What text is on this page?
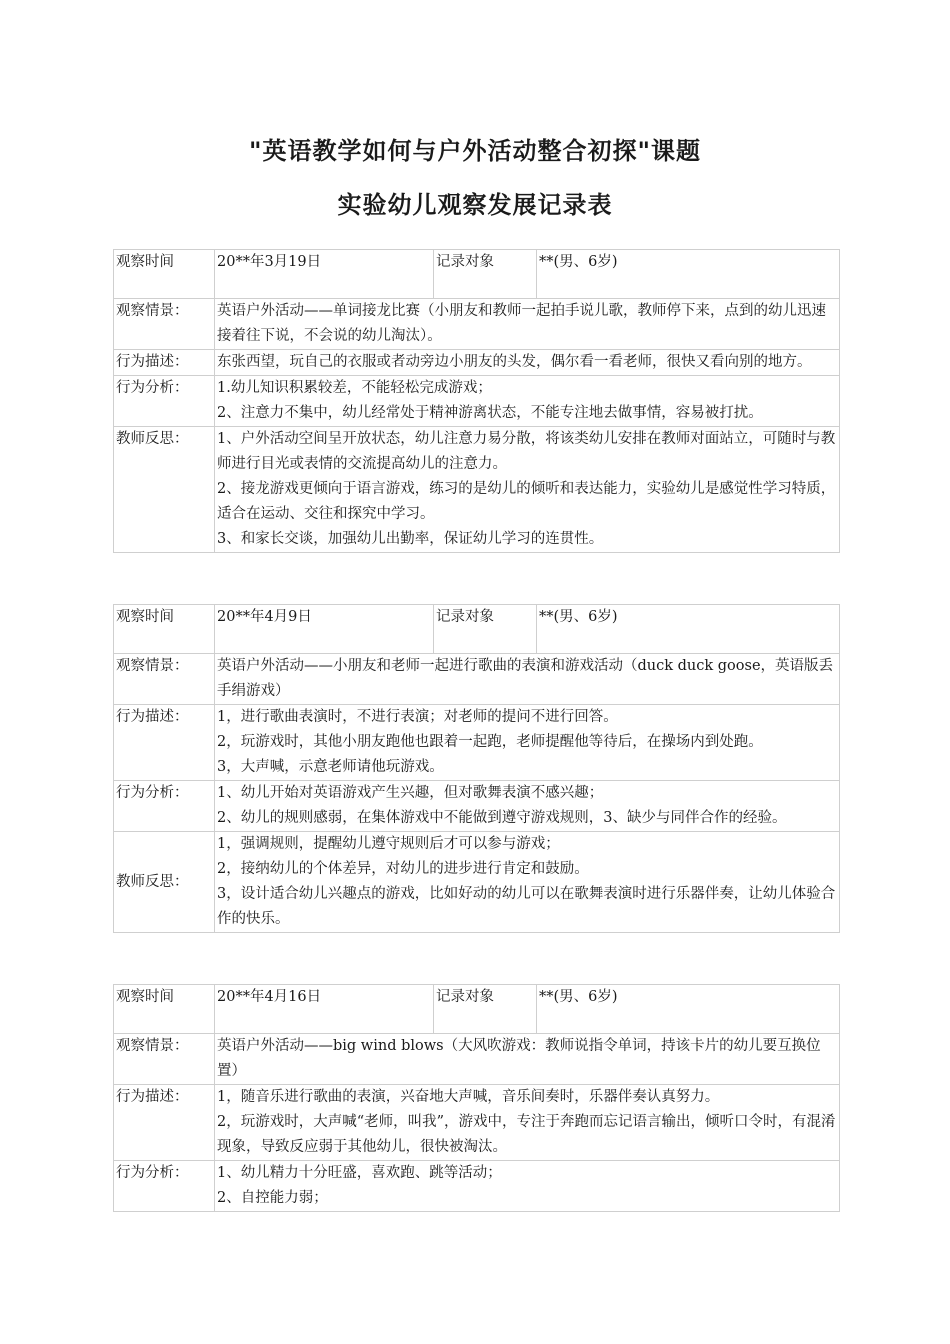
"英语教学如何与户外活动整合初探"课题
实验幼儿观察发展记录表
观察时间	20**年3月19日	记录对象	**(男、6岁)

观察情景：	英语户外活动——单词接龙比赛（小朋友和教师一起拍手说儿歌，教师停下来，点到的幼儿迅速接着往下说，不会说的幼儿淘汰）。		

行为描述：	东张西望，玩自己的衣服或者动旁边小朋友的头发，偶尔看一看老师，很快又看向别的地方。		

行为分析：	1.幼儿知识积累较差，不能轻松完成游戏；
2、注意力不集中，幼儿经常处于精神游离状态，不能专注地去做事情，容易被打扰。		

教师反思：	1、户外活动空间呈开放状态，幼儿注意力易分散，将该类幼儿安排在教师对面站立，可随时与教师进行目光或表情的交流提高幼儿的注意力。
2、接龙游戏更倾向于语言游戏，练习的是幼儿的倾听和表达能力，实验幼儿是感觉性学习特质，适合在运动、交往和探究中学习。
3、和家长交谈，加强幼儿出勤率，保证幼儿学习的连贯性。		
观察时间	20**年4月9日	记录对象	**(男、6岁)

观察情景：	英语户外活动——小朋友和老师一起进行歌曲的表演和游戏活动（duck duck goose，英语版丢手绢游戏）		

行为描述：	1，进行歌曲表演时，不进行表演；对老师的提问不进行回答。
2，玩游戏时，其他小朋友跑他也跟着一起跑，老师提醒他等待后，在操场内到处跑。
3，大声喊，示意老师请他玩游戏。		

行为分析：	1、幼儿开始对英语游戏产生兴趣，但对歌舞表演不感兴趣；
2、幼儿的规则感弱，在集体游戏中不能做到遵守游戏规则，3、缺少与同伴合作的经验。		

教师反思：	1，强调规则，提醒幼儿遵守规则后才可以参与游戏；
2，接纳幼儿的个体差异，对幼儿的进步进行肯定和鼓励。
3，设计适合幼儿兴趣点的游戏，比如好动的幼儿可以在歌舞表演时进行乐器伴奏，让幼儿体验合作的快乐。		
观察时间	20**年4月16日	记录对象	**(男、6岁)

观察情景：	英语户外活动——big wind blows（大风吹游戏：教师说指令单词，持该卡片的幼儿要互换位置）		

行为描述：	1，随音乐进行歌曲的表演，兴奋地大声喊，音乐间奏时，乐器伴奏认真努力。
2，玩游戏时，大声喊“老师，叫我”，游戏中，专注于奔跑而忘记语言输出，倾听口令时，有混淆现象，导致反应弱于其他幼儿，很快被淘汰。		

行为分析：	1、幼儿精力十分旺盛，喜欢跑、跳等活动；
2、自控能力弱；		
